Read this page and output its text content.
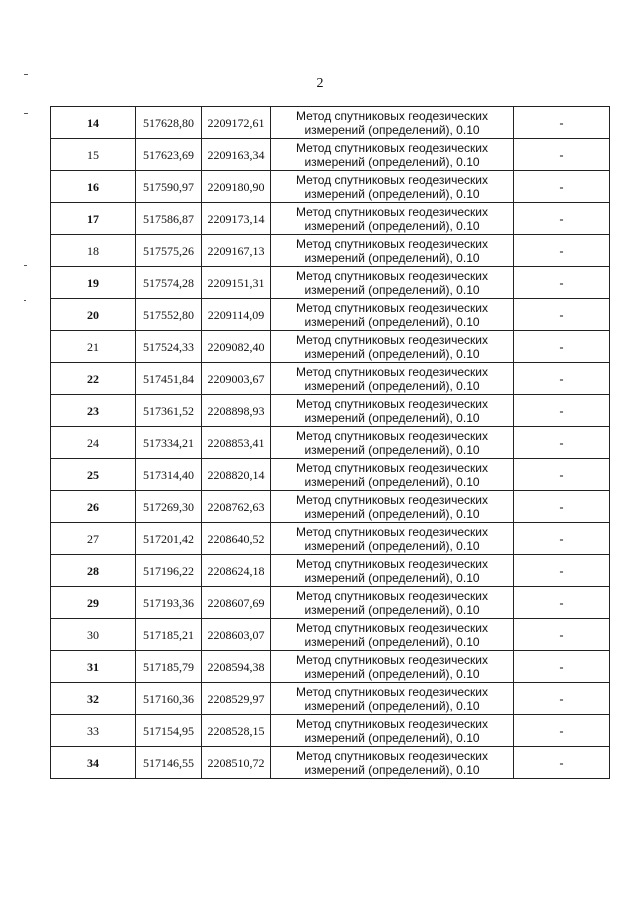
2
14	517628,80	2209172,61	Метод спутниковых геодезических
измерений (определений), 0.10	-
15	517623,69	2209163,34	Метод спутниковых геодезических
измерений (определений), 0.10	-
16	517590,97	2209180,90	Метод спутниковых геодезических
измерений (определений), 0.10	-
17	517586,87	2209173,14	Метод спутниковых геодезических
измерений (определений), 0.10	-
18	517575,26	2209167,13	Метод спутниковых геодезических
измерений (определений), 0.10	-
19	517574,28	2209151,31	Метод спутниковых геодезических
измерений (определений), 0.10	-
20	517552,80	2209114,09	Метод спутниковых геодезических
измерений (определений), 0.10	-
21	517524,33	2209082,40	Метод спутниковых геодезических
измерений (определений), 0.10	-
22	517451,84	2209003,67	Метод спутниковых геодезических
измерений (определений), 0.10	-
23	517361,52	2208898,93	Метод спутниковых геодезических
измерений (определений), 0.10	-
24	517334,21	2208853,41	Метод спутниковых геодезических
измерений (определений), 0.10	-
25	517314,40	2208820,14	Метод спутниковых геодезических
измерений (определений), 0.10	-
26	517269,30	2208762,63	Метод спутниковых геодезических
измерений (определений), 0.10	-
27	517201,42	2208640,52	Метод спутниковых геодезических
измерений (определений), 0.10	-
28	517196,22	2208624,18	Метод спутниковых геодезических
измерений (определений), 0.10	-
29	517193,36	2208607,69	Метод спутниковых геодезических
измерений (определений), 0.10	-
30	517185,21	2208603,07	Метод спутниковых геодезических
измерений (определений), 0.10	-
31	517185,79	2208594,38	Метод спутниковых геодезических
измерений (определений), 0.10	-
32	517160,36	2208529,97	Метод спутниковых геодезических
измерений (определений), 0.10	-
33	517154,95	2208528,15	Метод спутниковых геодезических
измерений (определений), 0.10	-
34	517146,55	2208510,72	Метод спутниковых геодезических
измерений (определений), 0.10	-
